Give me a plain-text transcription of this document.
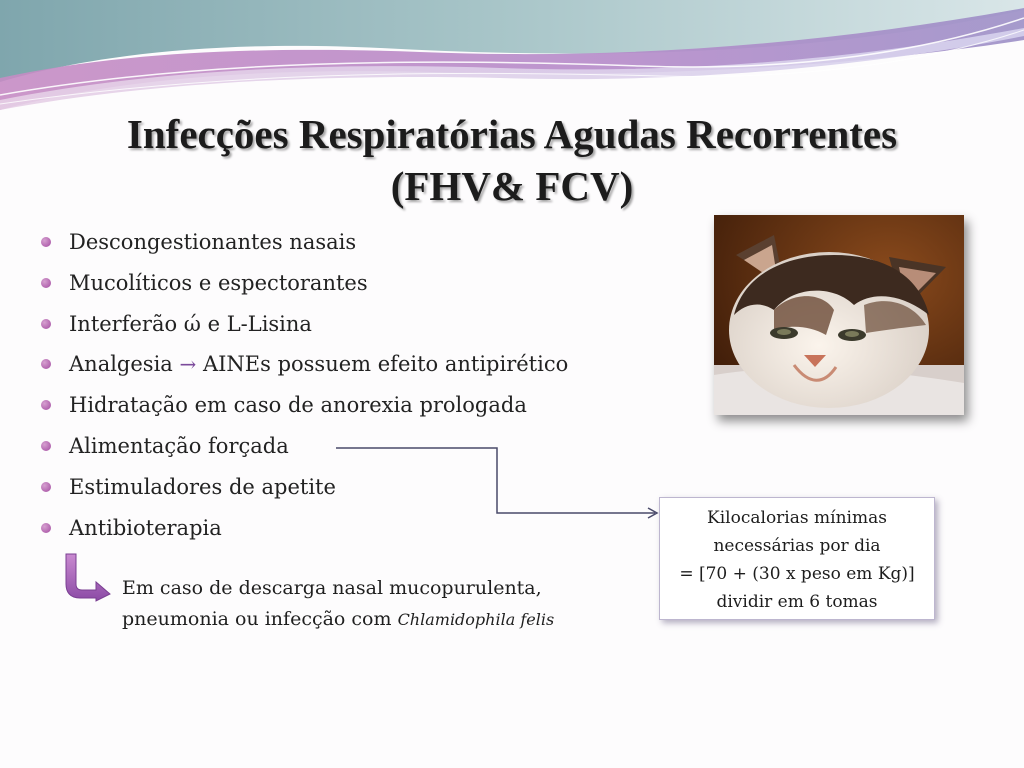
Infecções Respiratórias Agudas Recorrentes
(FHV& FCV)
Descongestionantes nasais
Mucolíticos e espectorantes
Interferão ώ e L-Lisina
Analgesia → AINEs possuem efeito antipirético
Hidratação em caso de anorexia prologada
Alimentação forçada
Estimuladores de apetite
Antibioterapia	Kilocalorias mínimas
necessárias por dia
= [70 + (30 x peso em Kg)]
dividir em 6 tomas
Em caso de descarga nasal mucopurulenta,
pneumonia ou infecção com Chlamidophila felis
